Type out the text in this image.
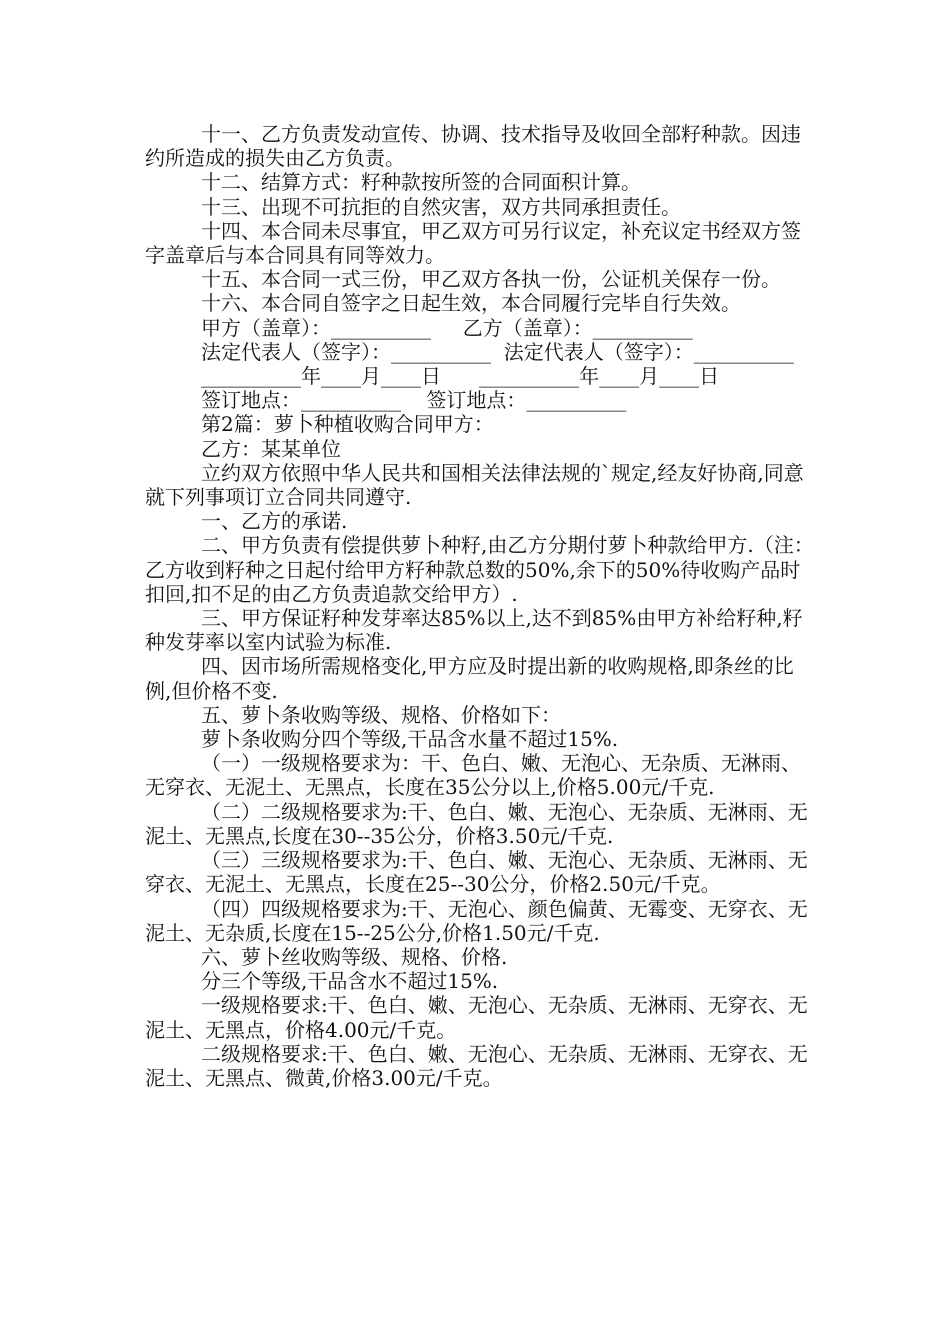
十一、乙方负责发动宣传、协调、技术指导及收回全部籽种款。因违约所造成的损失由乙方负责。

十二、结算方式：籽种款按所签的合同面积计算。

十三、出现不可抗拒的自然灾害，双方共同承担责任。

十四、本合同未尽事宜，甲乙双方可另行议定，补充议定书经双方签字盖章后与本合同具有同等效力。

十五、本合同一式三份，甲乙双方各执一份，公证机关保存一份。

十六、本合同自签字之日起生效，本合同履行完毕自行失效。

甲方（盖章）：__________     乙方（盖章）：__________

法定代表人（签字）：__________  法定代表人（签字）：__________

__________年____月____日      __________年____月____日

签订地点：__________    签订地点：__________

第2篇：萝卜种植收购合同甲方：

乙方：某某单位

立约双方依照中华人民共和国相关法律法规的`规定,经友好协商,同意就下列事项订立合同共同遵守.

一、乙方的承诺.

二、甲方负责有偿提供萝卜种籽,由乙方分期付萝卜种款给甲方.（注：乙方收到籽种之日起付给甲方籽种款总数的50%,余下的50%待收购产品时扣回,扣不足的由乙方负责追款交给甲方）.

三、甲方保证籽种发芽率达85%以上,达不到85%由甲方补给籽种,籽种发芽率以室内试验为标准.

四、因市场所需规格变化,甲方应及时提出新的收购规格,即条丝的比例,但价格不变.

五、萝卜条收购等级、规格、价格如下：

萝卜条收购分四个等级,干品含水量不超过15%.

（一）一级规格要求为：干、色白、嫩、无泡心、无杂质、无淋雨、无穿衣、无泥土、无黑点，长度在35公分以上,价格5.00元/千克.

（二）二级规格要求为:干、色白、嫩、无泡心、无杂质、无淋雨、无泥土、无黑点,长度在30--35公分，价格3.50元/千克.

（三）三级规格要求为:干、色白、嫩、无泡心、无杂质、无淋雨、无穿衣、无泥土、无黑点，长度在25--30公分，价格2.50元/千克。

（四）四级规格要求为:干、无泡心、颜色偏黄、无霉变、无穿衣、无泥土、无杂质,长度在15--25公分,价格1.50元/千克.

六、萝卜丝收购等级、规格、价格.

分三个等级,干品含水不超过15%.

一级规格要求:干、色白、嫩、无泡心、无杂质、无淋雨、无穿衣、无泥土、无黑点，价格4.00元/千克。

二级规格要求:干、色白、嫩、无泡心、无杂质、无淋雨、无穿衣、无泥土、无黑点、微黄,价格3.00元/千克。
